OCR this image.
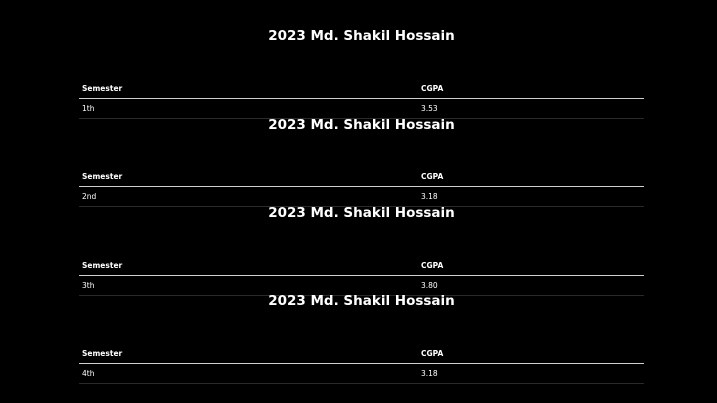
2023 Md. Shakil Hossain
Semester	CGPA
1th	3.53
2023 Md. Shakil Hossain
Semester	CGPA
2nd	3.18
2023 Md. Shakil Hossain
Semester	CGPA
3th	3.80
2023 Md. Shakil Hossain
Semester	CGPA
4th	3.18
